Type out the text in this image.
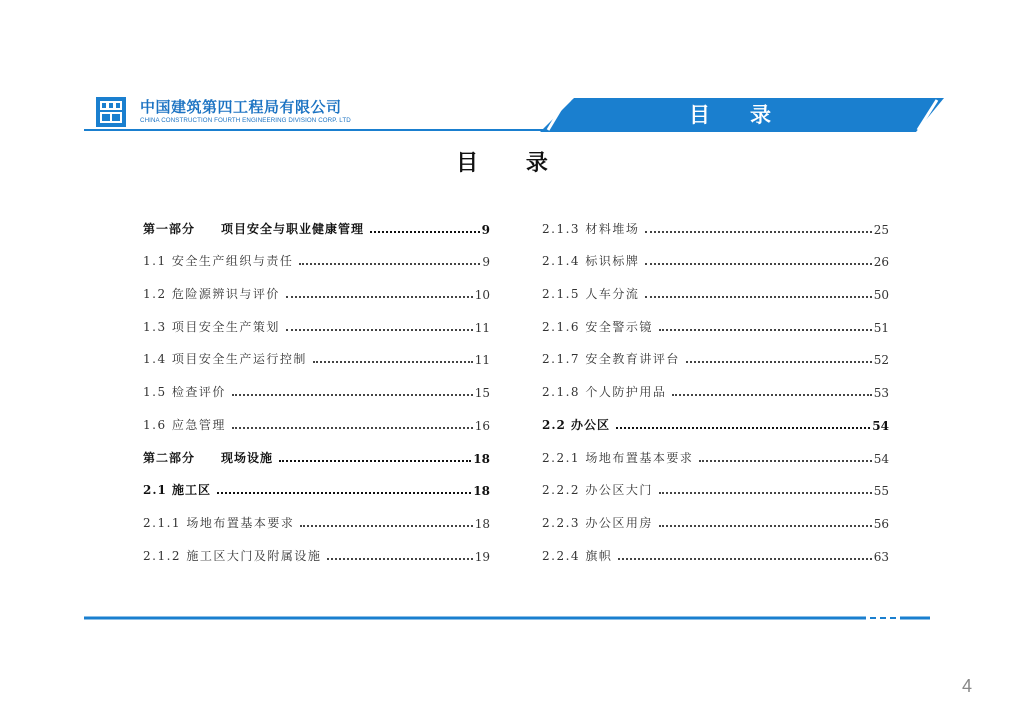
中国建筑第四工程局有限公司
CHINA CONSTRUCTION FOURTH ENGINEERING DIVISION CORP. LTD	目录
目 录
第一部分　　项目安全与职业健康管理	9
1.1 安全生产组织与责任	9
1.2 危险源辨识与评价	10
1.3 项目安全生产策划	11
1.4 项目安全生产运行控制	11
1.5 检查评价	15
1.6 应急管理	16
第二部分　　现场设施	18
2.1 施工区	18
2.1.1 场地布置基本要求	18
2.1.2 施工区大门及附属设施	19
2.1.3 材料堆场	25
2.1.4 标识标牌	26
2.1.5 人车分流	50
2.1.6 安全警示镜	51
2.1.7 安全教育讲评台	52
2.1.8 个人防护用品	53
2.2 办公区	54
2.2.1 场地布置基本要求	54
2.2.2 办公区大门	55
2.2.3 办公区用房	56
2.2.4 旗帜	63
4
